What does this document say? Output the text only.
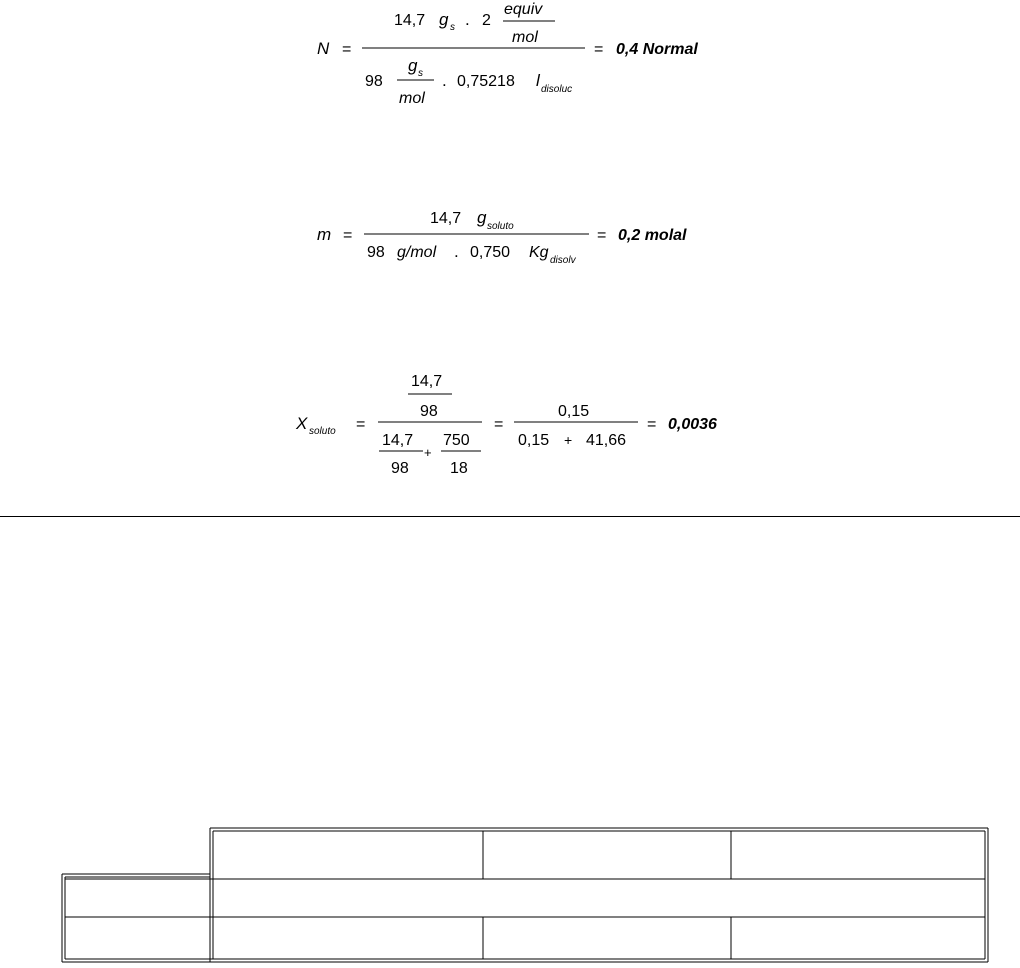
N =
14,7 g s . 2
equiv
mol
98
g s
mol
. 0,75218 l disoluc
= 0,4 Normal
m =
14,7 g soluto
98 g/mol . 0,750 Kg disolv
= 0,2 molal
X soluto =
14,7
98
14,7
98
+
750
18
=
0,15
0,15 + 41,66
= 0,0036
